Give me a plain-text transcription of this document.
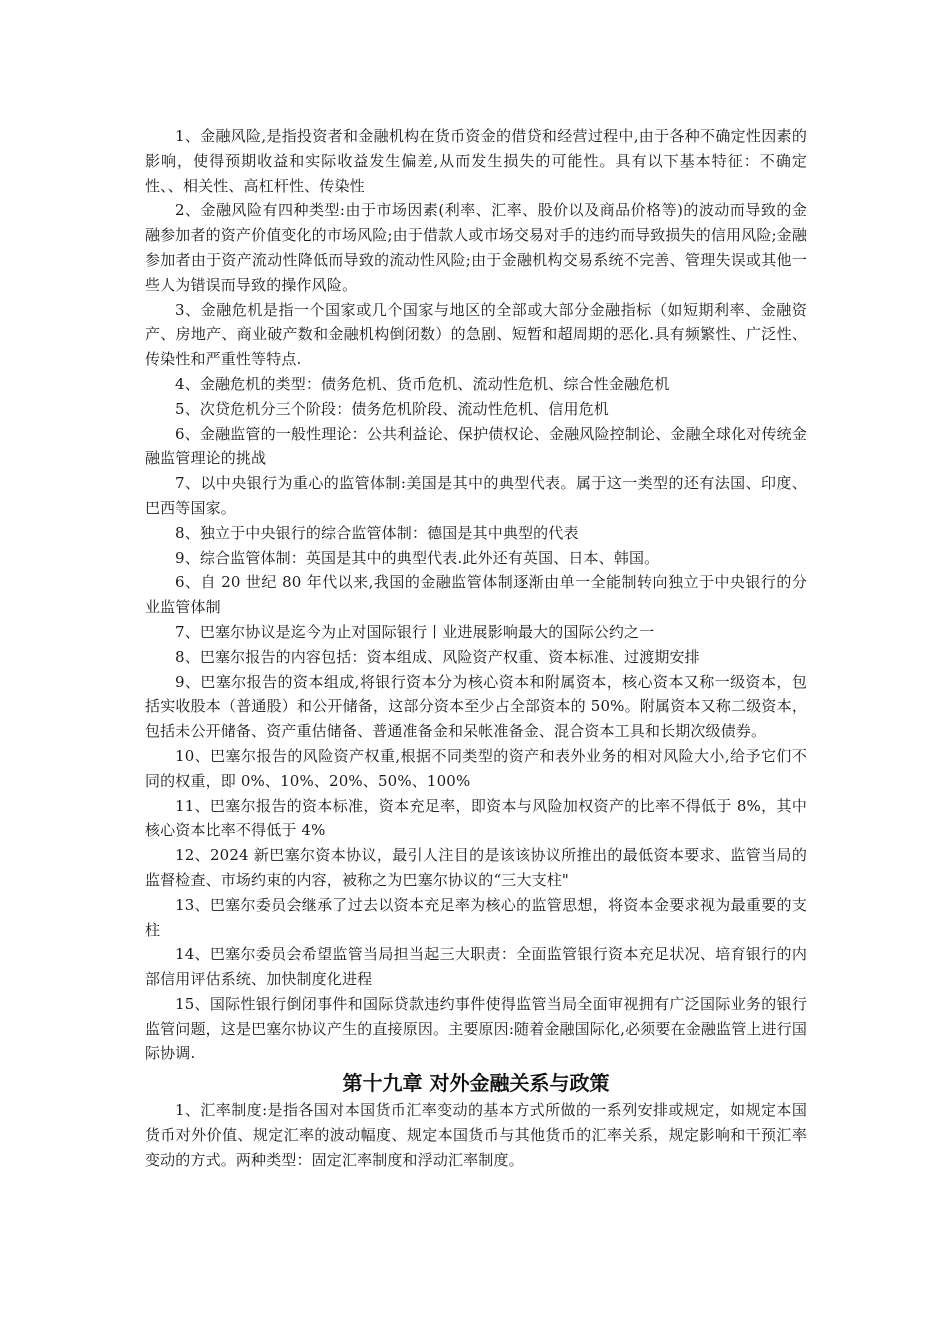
1、金融风险,是指投资者和金融机构在货币资金的借贷和经营过程中,由于各种不确定性因素的影响，使得预期收益和实际收益发生偏差,从而发生损失的可能性。具有以下基本特征：不确定性、、相关性、高杠杆性、传染性

2、金融风险有四种类型:由于市场因素(利率、汇率、股价以及商品价格等)的波动而导致的金融参加者的资产价值变化的市场风险;由于借款人或市场交易对手的违约而导致损失的信用风险;金融参加者由于资产流动性降低而导致的流动性风险;由于金融机构交易系统不完善、管理失误或其他一些人为错误而导致的操作风险。

3、金融危机是指一个国家或几个国家与地区的全部或大部分金融指标（如短期利率、金融资产、房地产、商业破产数和金融机构倒闭数）的急剧、短暂和超周期的恶化.具有频繁性、广泛性、传染性和严重性等特点.

4、金融危机的类型：债务危机、货币危机、流动性危机、综合性金融危机

5、次贷危机分三个阶段：债务危机阶段、流动性危机、信用危机

6、金融监管的一般性理论：公共利益论、保护债权论、金融风险控制论、金融全球化对传统金融监管理论的挑战

7、以中央银行为重心的监管体制:美国是其中的典型代表。属于这一类型的还有法国、印度、巴西等国家。

8、独立于中央银行的综合监管体制：德国是其中典型的代表

9、综合监管体制：英国是其中的典型代表.此外还有英国、日本、韩国。

6、自 20 世纪 80 年代以来,我国的金融监管体制逐渐由单一全能制转向独立于中央银行的分业监管体制

7、巴塞尔协议是迄今为止对国际银行丨业进展影响最大的国际公约之一

8、巴塞尔报告的内容包括：资本组成、风险资产权重、资本标准、过渡期安排

9、巴塞尔报告的资本组成,将银行资本分为核心资本和附属资本，核心资本又称一级资本，包括实收股本（普通股）和公开储备，这部分资本至少占全部资本的 50%。附属资本又称二级资本，包括未公开储备、资产重估储备、普通准备金和呆帐准备金、混合资本工具和长期次级债券。

10、巴塞尔报告的风险资产权重,根据不同类型的资产和表外业务的相对风险大小,给予它们不同的权重，即 0%、10%、20%、50%、100%

11、巴塞尔报告的资本标准，资本充足率，即资本与风险加权资产的比率不得低于 8%，其中核心资本比率不得低于 4%

12、2024 新巴塞尔资本协议，最引人注目的是该该协议所推出的最低资本要求、监管当局的监督检查、市场约束的内容，被称之为巴塞尔协议的“三大支柱"

13、巴塞尔委员会继承了过去以资本充足率为核心的监管思想，将资本金要求视为最重要的支柱

14、巴塞尔委员会希望监管当局担当起三大职责：全面监管银行资本充足状况、培育银行的内部信用评估系统、加快制度化进程

15、国际性银行倒闭事件和国际贷款违约事件使得监管当局全面审视拥有广泛国际业务的银行监管问题，这是巴塞尔协议产生的直接原因。主要原因:随着金融国际化,必须要在金融监管上进行国际协调.

第十九章 对外金融关系与政策

1、汇率制度:是指各国对本国货币汇率变动的基本方式所做的一系列安排或规定，如规定本国货币对外价值、规定汇率的波动幅度、规定本国货币与其他货币的汇率关系，规定影响和干预汇率变动的方式。两种类型：固定汇率制度和浮动汇率制度。
